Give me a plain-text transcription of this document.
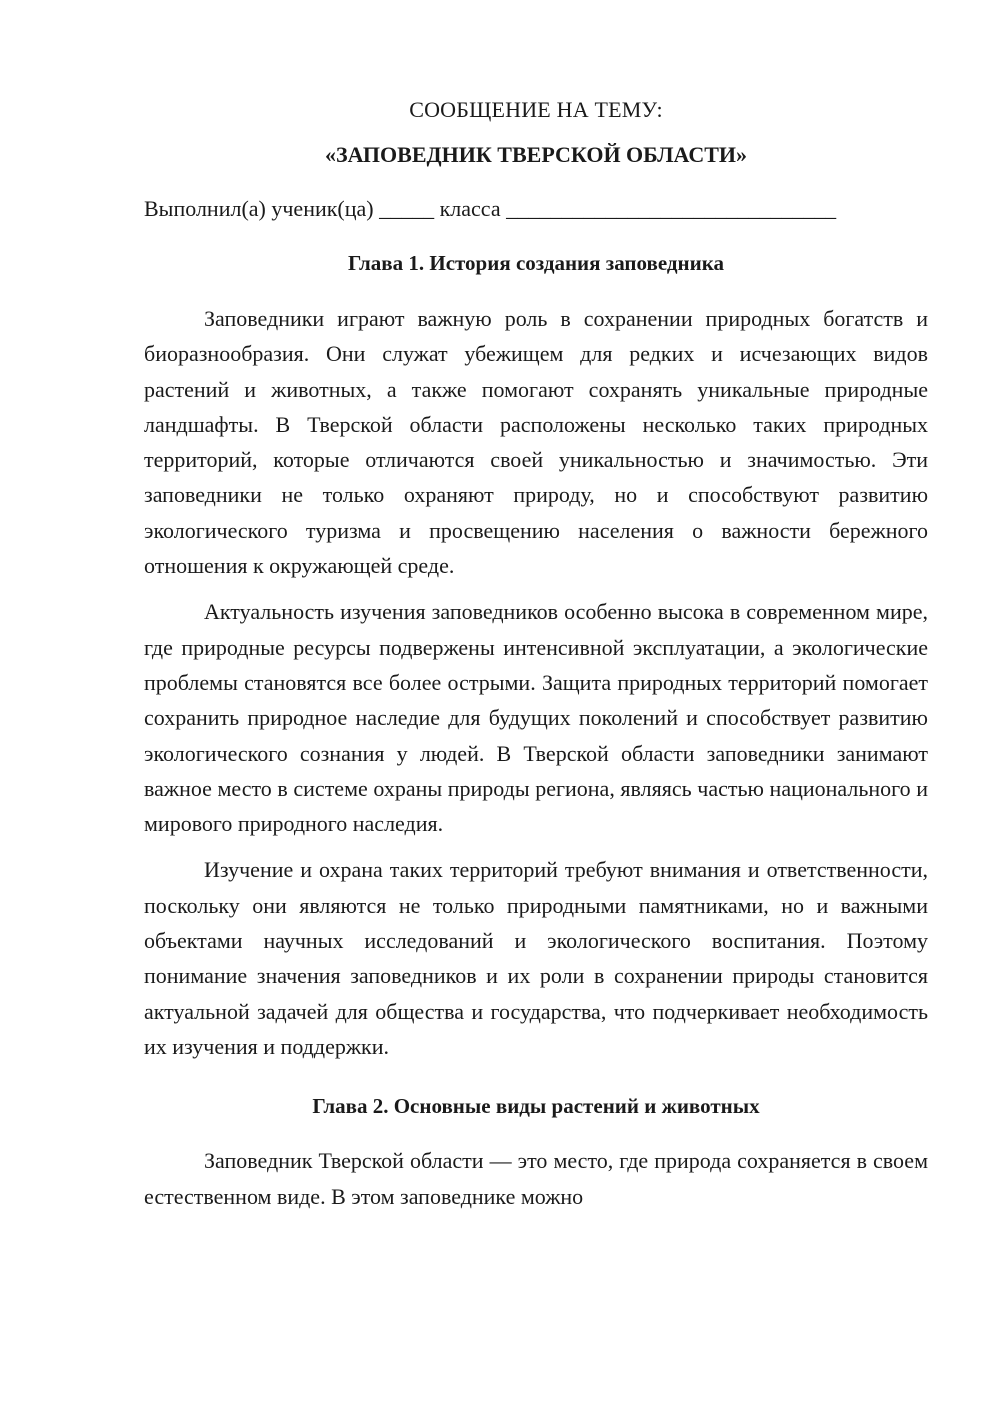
СООБЩЕНИЕ НА ТЕМУ:
«ЗАПОВЕДНИК ТВЕРСКОЙ ОБЛАСТИ»

Выполнил(а) ученик(ца) _____ класса ______________________________

Глава 1. История создания заповедника

Заповедники играют важную роль в сохранении природных богатств и биоразнообразия. Они служат убежищем для редких и исчезающих видов растений и животных, а также помогают сохранять уникальные природные ландшафты. В Тверской области расположены несколько таких природных территорий, которые отличаются своей уникальностью и значимостью. Эти заповедники не только охраняют природу, но и способствуют развитию экологического туризма и просвещению населения о важности бережного отношения к окружающей среде.

Актуальность изучения заповедников особенно высока в современном мире, где природные ресурсы подвержены интенсивной эксплуатации, а экологические проблемы становятся все более острыми. Защита природных территорий помогает сохранить природное наследие для будущих поколений и способствует развитию экологического сознания у людей. В Тверской области заповедники занимают важное место в системе охраны природы региона, являясь частью национального и мирового природного наследия.

Изучение и охрана таких территорий требуют внимания и ответственности, поскольку они являются не только природными памятниками, но и важными объектами научных исследований и экологического воспитания. Поэтому понимание значения заповедников и их роли в сохранении природы становится актуальной задачей для общества и государства, что подчеркивает необходимость их изучения и поддержки.

Глава 2. Основные виды растений и животных

Заповедник Тверской области — это место, где природа сохраняется в своем естественном виде. В этом заповеднике можно
